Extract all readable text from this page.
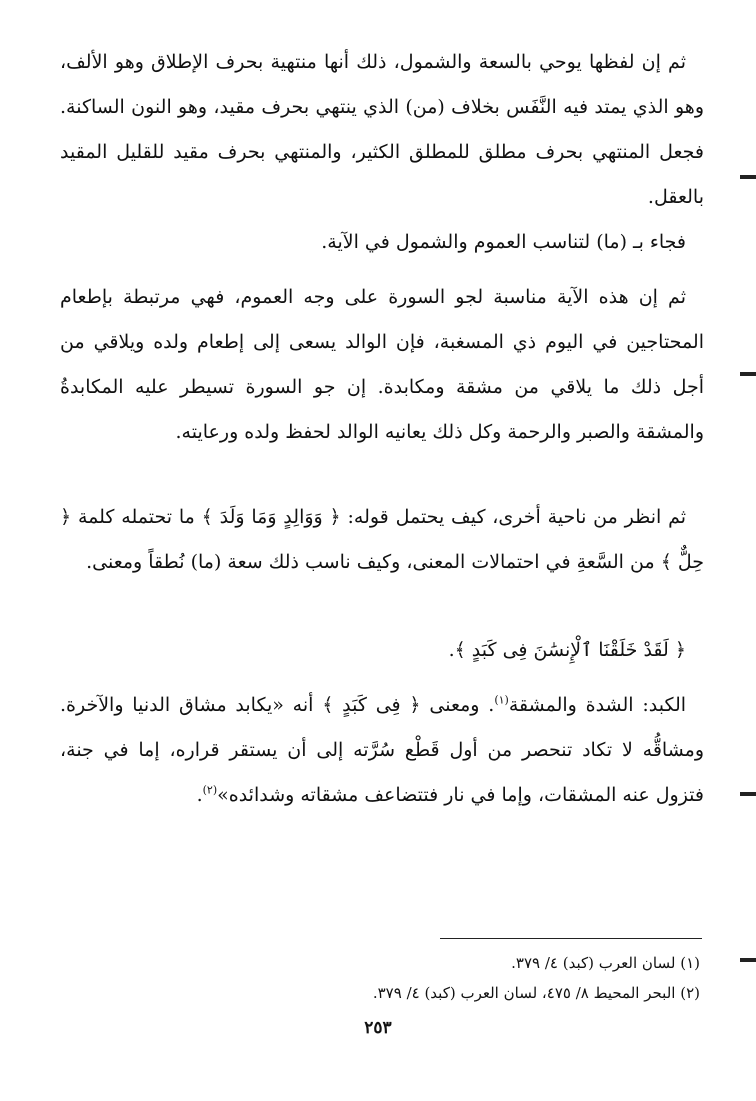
ثم إن لفظها يوحي بالسعة والشمول، ذلك أنها منتهية بحرف الإطلاق وهو الألف، وهو الذي يمتد فيه النَّفَس بخلاف (من) الذي ينتهي بحرف مقيد، وهو النون الساكنة. فجعل المنتهي بحرف مطلق للمطلق الكثير، والمنتهي بحرف مقيد للقليل المقيد بالعقل.

فجاء بـ (ما) لتناسب العموم والشمول في الآية.

ثم إن هذه الآية مناسبة لجو السورة على وجه العموم، فهي مرتبطة بإطعام المحتاجين في اليوم ذي المسغبة، فإن الوالد يسعى إلى إطعام ولده ويلاقي من أجل ذلك ما يلاقي من مشقة ومكابدة. إن جو السورة تسيطر عليه المكابدةُ والمشقة والصبر والرحمة وكل ذلك يعانيه الوالد لحفظ ولده ورعايته.

ثم انظر من ناحية أخرى، كيف يحتمل قوله: ﴿ وَوَالِدٍ وَمَا وَلَدَ ﴾ ما تحتمله كلمة ﴿ حِلٌّ ﴾ من السَّعةِ في احتمالات المعنى، وكيف ناسب ذلك سعة (ما) نُطقاً ومعنى.

﴿ لَقَدْ خَلَقْنَا ٱلْإِنسَٰنَ فِى كَبَدٍ ﴾.

الكبد: الشدة والمشقة$^{(١)}$. ومعنى ﴿ فِى كَبَدٍ ﴾ أنه «يكابد مشاق الدنيا والآخرة. ومشاقُّه لا تكاد تنحصر من أول قَطْع سُرَّته إلى أن يستقر قراره، إما في جنة، فتزول عنه المشقات، وإما في نار فتتضاعف مشقاته وشدائده»$^{(٢)}$.

(١) لسان العرب (كبد) ٤/ ٣٧٩.
(٢) البحر المحيط ٨/ ٤٧٥، لسان العرب (كبد) ٤/ ٣٧٩.
٢٥٣
